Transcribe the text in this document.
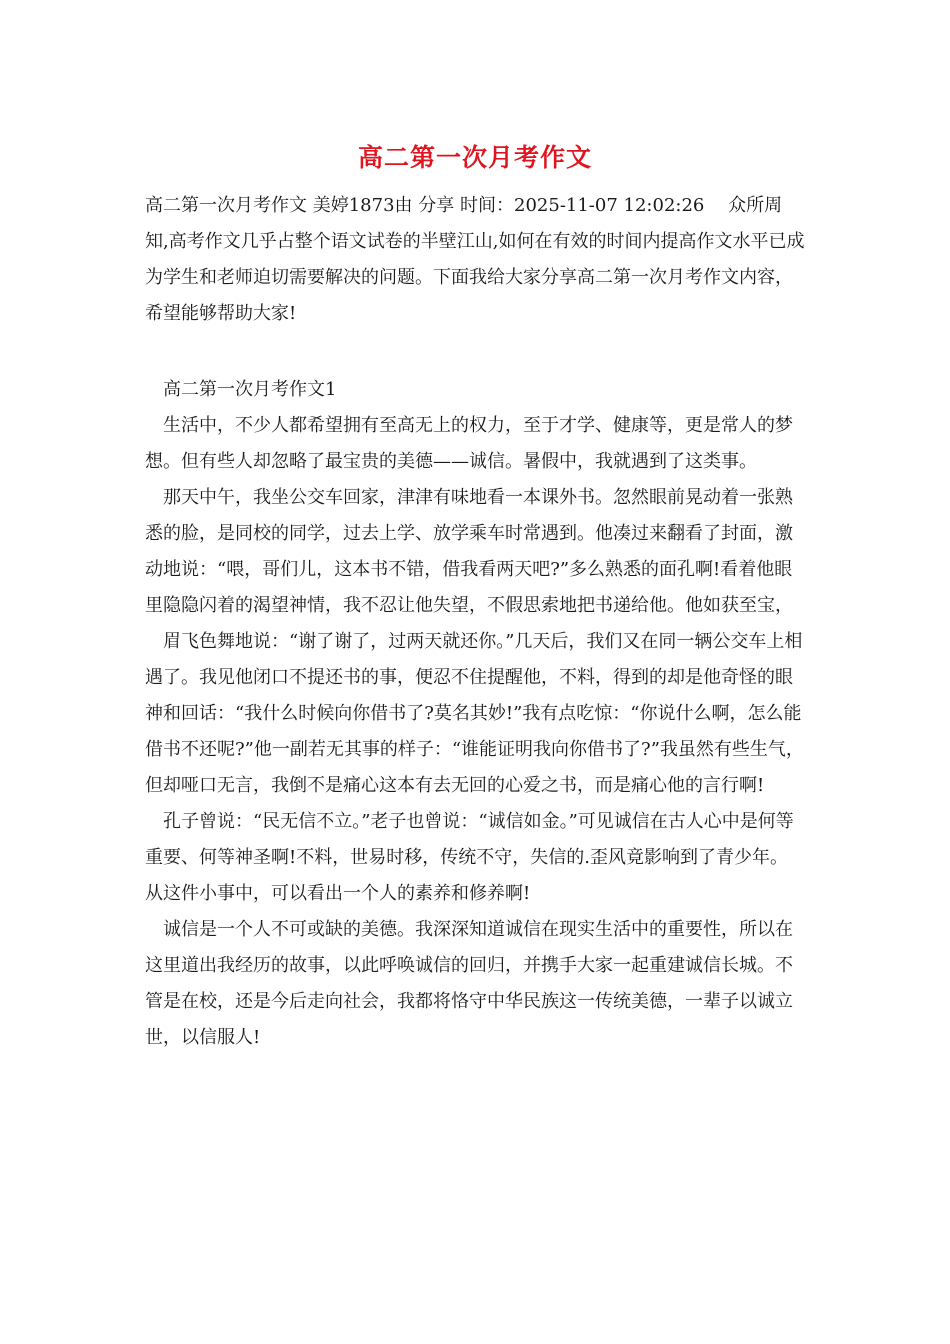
高二第一次月考作文

高二第一次月考作文 美婷1873由 分享 时间：2025-11-07 12:02:26 众所周知,高考作文几乎占整个语文试卷的半壁江山,如何在有效的时间内提高作文水平已成为学生和老师迫切需要解决的问题。下面我给大家分享高二第一次月考作文内容，希望能够帮助大家!

高二第一次月考作文1

生活中，不少人都希望拥有至高无上的权力，至于才学、健康等，更是常人的梦想。但有些人却忽略了最宝贵的美德——诚信。暑假中，我就遇到了这类事。

那天中午，我坐公交车回家，津津有味地看一本课外书。忽然眼前晃动着一张熟悉的脸，是同校的同学，过去上学、放学乘车时常遇到。他凑过来翻看了封面，激动地说：“喂，哥们儿，这本书不错，借我看两天吧?”多么熟悉的面孔啊!看着他眼里隐隐闪着的渴望神情，我不忍让他失望，不假思索地把书递给他。他如获至宝，

眉飞色舞地说：“谢了谢了，过两天就还你。”几天后，我们又在同一辆公交车上相遇了。我见他闭口不提还书的事，便忍不住提醒他，不料，得到的却是他奇怪的眼神和回话：“我什么时候向你借书了?莫名其妙!”我有点吃惊：“你说什么啊，怎么能借书不还呢?”他一副若无其事的样子：“谁能证明我向你借书了?”我虽然有些生气，但却哑口无言，我倒不是痛心这本有去无回的心爱之书，而是痛心他的言行啊!

孔子曾说：“民无信不立。”老子也曾说：“诚信如金。”可见诚信在古人心中是何等重要、何等神圣啊!不料，世易时移，传统不守，失信的.歪风竟影响到了青少年。从这件小事中，可以看出一个人的素养和修养啊!

诚信是一个人不可或缺的美德。我深深知道诚信在现实生活中的重要性，所以在这里道出我经历的故事，以此呼唤诚信的回归，并携手大家一起重建诚信长城。不管是在校，还是今后走向社会，我都将恪守中华民族这一传统美德，一辈子以诚立世，以信服人!
